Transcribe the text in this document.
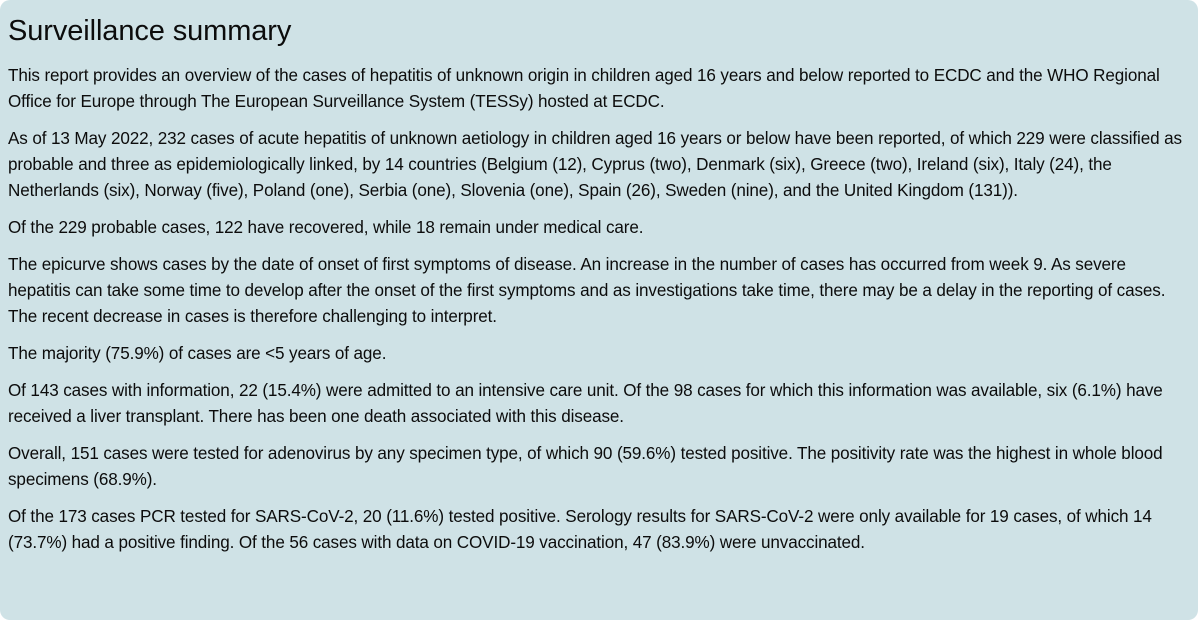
Surveillance summary

This report provides an overview of the cases of hepatitis of unknown origin in children aged 16 years and below reported to ECDC and the WHO Regional Office for Europe through The European Surveillance System (TESSy) hosted at ECDC.

As of 13 May 2022, 232 cases of acute hepatitis of unknown aetiology in children aged 16 years or below have been reported, of which 229 were classified as probable and three as epidemiologically linked, by 14 countries (Belgium (12), Cyprus (two), Denmark (six), Greece (two), Ireland (six), Italy (24), the Netherlands (six), Norway (five), Poland (one), Serbia (one), Slovenia (one), Spain (26), Sweden (nine), and the United Kingdom (131)).

Of the 229 probable cases, 122 have recovered, while 18 remain under medical care.

The epicurve shows cases by the date of onset of first symptoms of disease. An increase in the number of cases has occurred from week 9. As severe hepatitis can take some time to develop after the onset of the first symptoms and as investigations take time, there may be a delay in the reporting of cases. The recent decrease in cases is therefore challenging to interpret.

The majority (75.9%) of cases are <5 years of age.

Of 143 cases with information, 22 (15.4%) were admitted to an intensive care unit. Of the 98 cases for which this information was available, six (6.1%) have received a liver transplant. There has been one death associated with this disease.

Overall, 151 cases were tested for adenovirus by any specimen type, of which 90 (59.6%) tested positive. The positivity rate was the highest in whole blood specimens (68.9%).

Of the 173 cases PCR tested for SARS-CoV-2, 20 (11.6%) tested positive. Serology results for SARS-CoV-2 were only available for 19 cases, of which 14 (73.7%) had a positive finding. Of the 56 cases with data on COVID-19 vaccination, 47 (83.9%) were unvaccinated.
